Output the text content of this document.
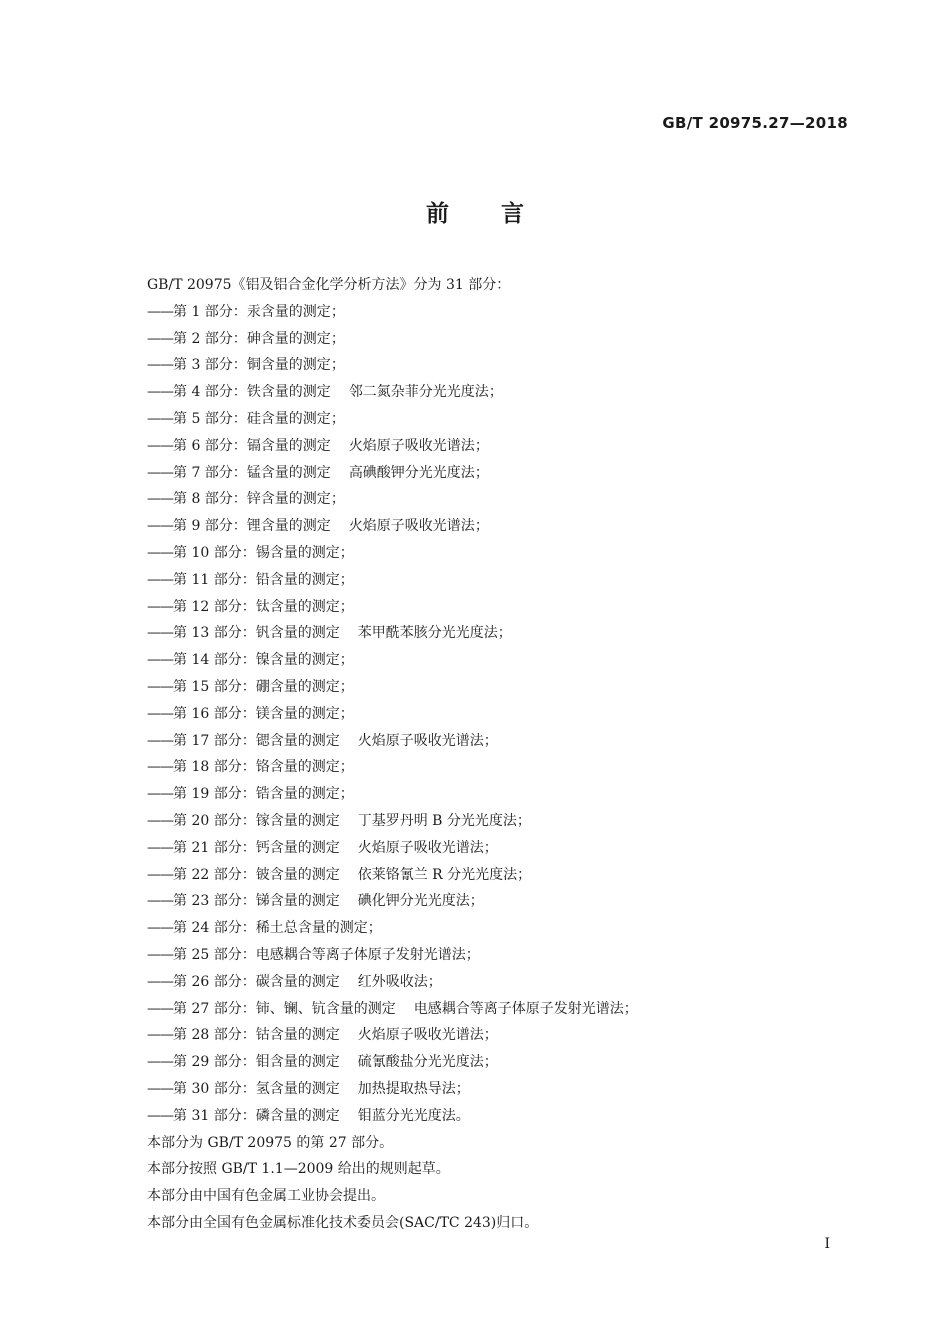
GB/T 20975.27—2018
前言
GB/T 20975《铝及铝合金化学分析方法》分为 31 部分：
——第 1 部分：汞含量的测定；
——第 2 部分：砷含量的测定；
——第 3 部分：铜含量的测定；
——第 4 部分：铁含量的测定 邻二氮杂菲分光光度法；
——第 5 部分：硅含量的测定；
——第 6 部分：镉含量的测定 火焰原子吸收光谱法；
——第 7 部分：锰含量的测定 高碘酸钾分光光度法；
——第 8 部分：锌含量的测定；
——第 9 部分：锂含量的测定 火焰原子吸收光谱法；
——第 10 部分：锡含量的测定；
——第 11 部分：铅含量的测定；
——第 12 部分：钛含量的测定；
——第 13 部分：钒含量的测定 苯甲酰苯胲分光光度法；
——第 14 部分：镍含量的测定；
——第 15 部分：硼含量的测定；
——第 16 部分：镁含量的测定；
——第 17 部分：锶含量的测定 火焰原子吸收光谱法；
——第 18 部分：铬含量的测定；
——第 19 部分：锆含量的测定；
——第 20 部分：镓含量的测定 丁基罗丹明 B 分光光度法；
——第 21 部分：钙含量的测定 火焰原子吸收光谱法；
——第 22 部分：铍含量的测定 依莱铬氰兰 R 分光光度法；
——第 23 部分：锑含量的测定 碘化钾分光光度法；
——第 24 部分：稀土总含量的测定；
——第 25 部分：电感耦合等离子体原子发射光谱法；
——第 26 部分：碳含量的测定 红外吸收法；
——第 27 部分：铈、镧、钪含量的测定 电感耦合等离子体原子发射光谱法；
——第 28 部分：钴含量的测定 火焰原子吸收光谱法；
——第 29 部分：钼含量的测定 硫氰酸盐分光光度法；
——第 30 部分：氢含量的测定 加热提取热导法；
——第 31 部分：磷含量的测定 钼蓝分光光度法。
本部分为 GB/T 20975 的第 27 部分。
本部分按照 GB/T 1.1—2009 给出的规则起草。
本部分由中国有色金属工业协会提出。
本部分由全国有色金属标准化技术委员会(SAC/TC 243)归口。
I
